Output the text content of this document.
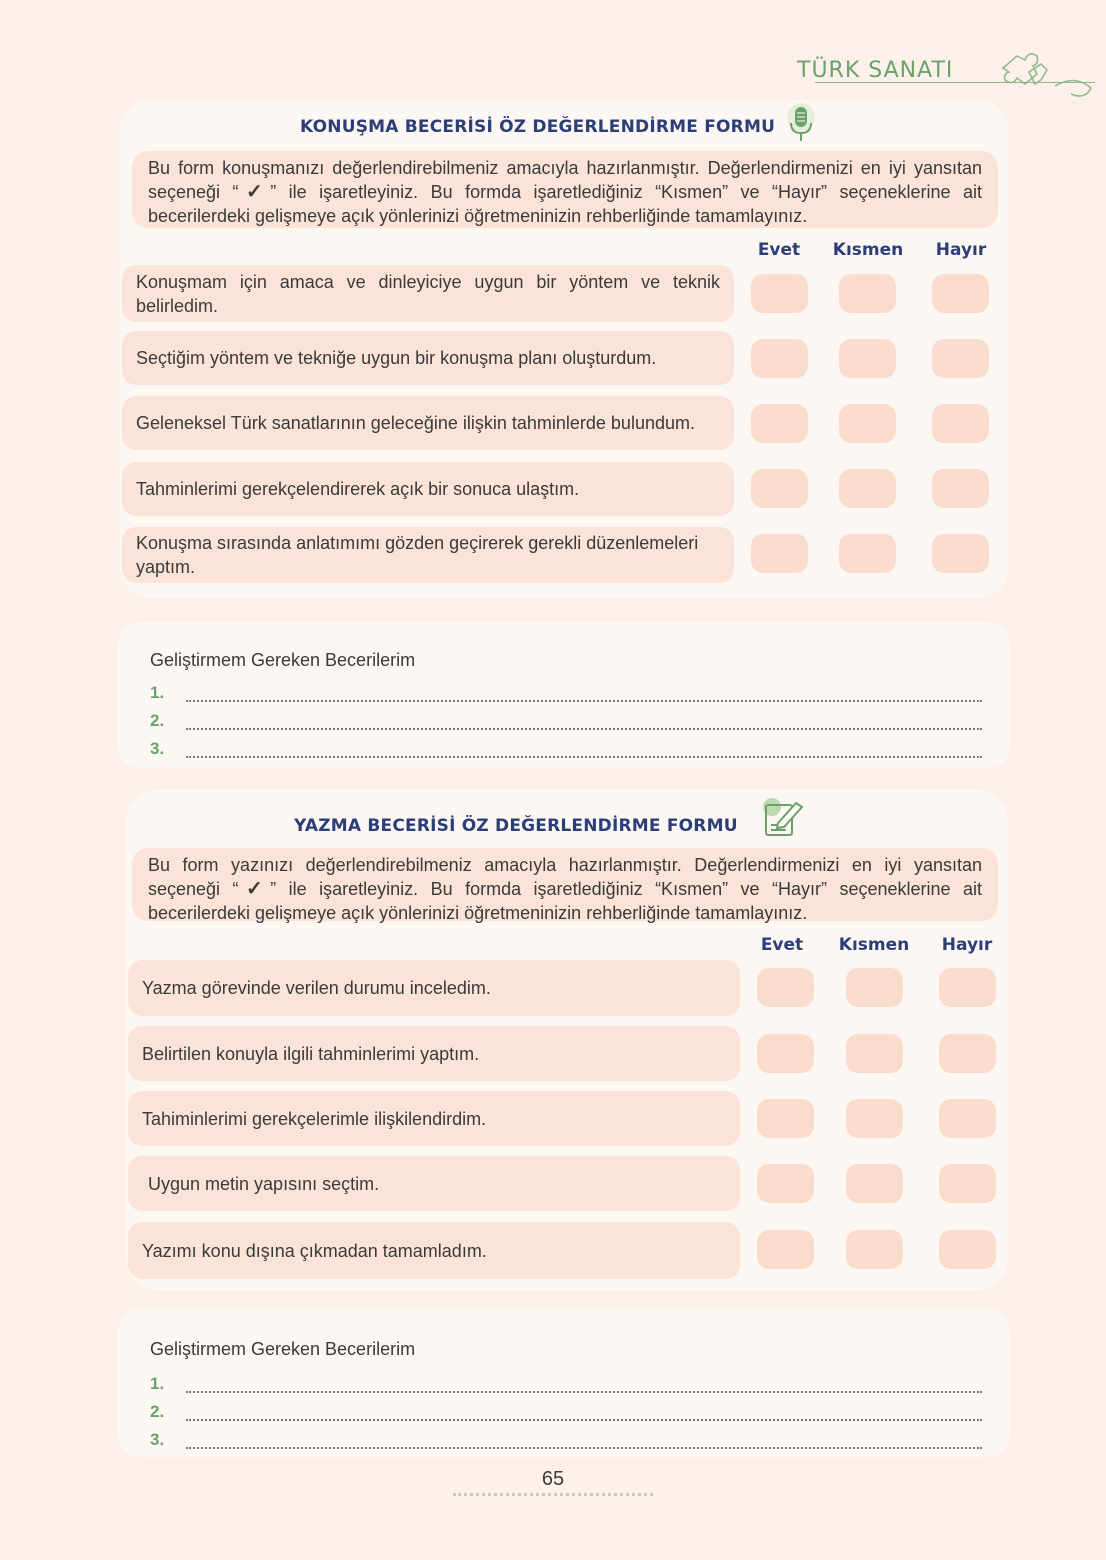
TÜRK SANATI
KONUŞMA BECERİSİ ÖZ DEĞERLENDİRME FORMU
Bu form konuşmanızı değerlendirebilmeniz amacıyla hazırlanmıştır. Değerlendirmenizi en iyi yansıtan seçeneği “✓” ile işaretleyiniz. Bu formda işaretlediğiniz “Kısmen” ve “Hayır” seçeneklerine ait becerilerdeki gelişmeye açık yönlerinizi öğretmeninizin rehberliğinde tamamlayınız.
Evet	Kısmen	Hayır
Konuşmam için amaca ve dinleyiciye uygun bir yöntem ve teknik belirledim.
Seçtiğim yöntem ve tekniğe uygun bir konuşma planı oluşturdum.
Geleneksel Türk sanatlarının geleceğine ilişkin tahminlerde bulundum.
Tahminlerimi gerekçelendirerek açık bir sonuca ulaştım.
Konuşma sırasında anlatımımı gözden geçirerek gerekli düzenlemeleri yaptım.
Geliştirmem Gereken Becerilerim
1.
2.
3.
YAZMA BECERİSİ ÖZ DEĞERLENDİRME FORMU
Bu form yazınızı değerlendirebilmeniz amacıyla hazırlanmıştır. Değerlendirmenizi en iyi yansıtan seçeneği “✓” ile işaretleyiniz. Bu formda işaretlediğiniz “Kısmen” ve “Hayır” seçeneklerine ait becerilerdeki gelişmeye açık yönlerinizi öğretmeninizin rehberliğinde tamamlayınız.
Evet	Kısmen	Hayır
Yazma görevinde verilen durumu inceledim.
Belirtilen konuyla ilgili tahminlerimi yaptım.
Tahiminlerimi gerekçelerimle ilişkilendirdim.
Uygun metin yapısını seçtim.
Yazımı konu dışına çıkmadan tamamladım.
Geliştirmem Gereken Becerilerim
1.
2.
3.
65
